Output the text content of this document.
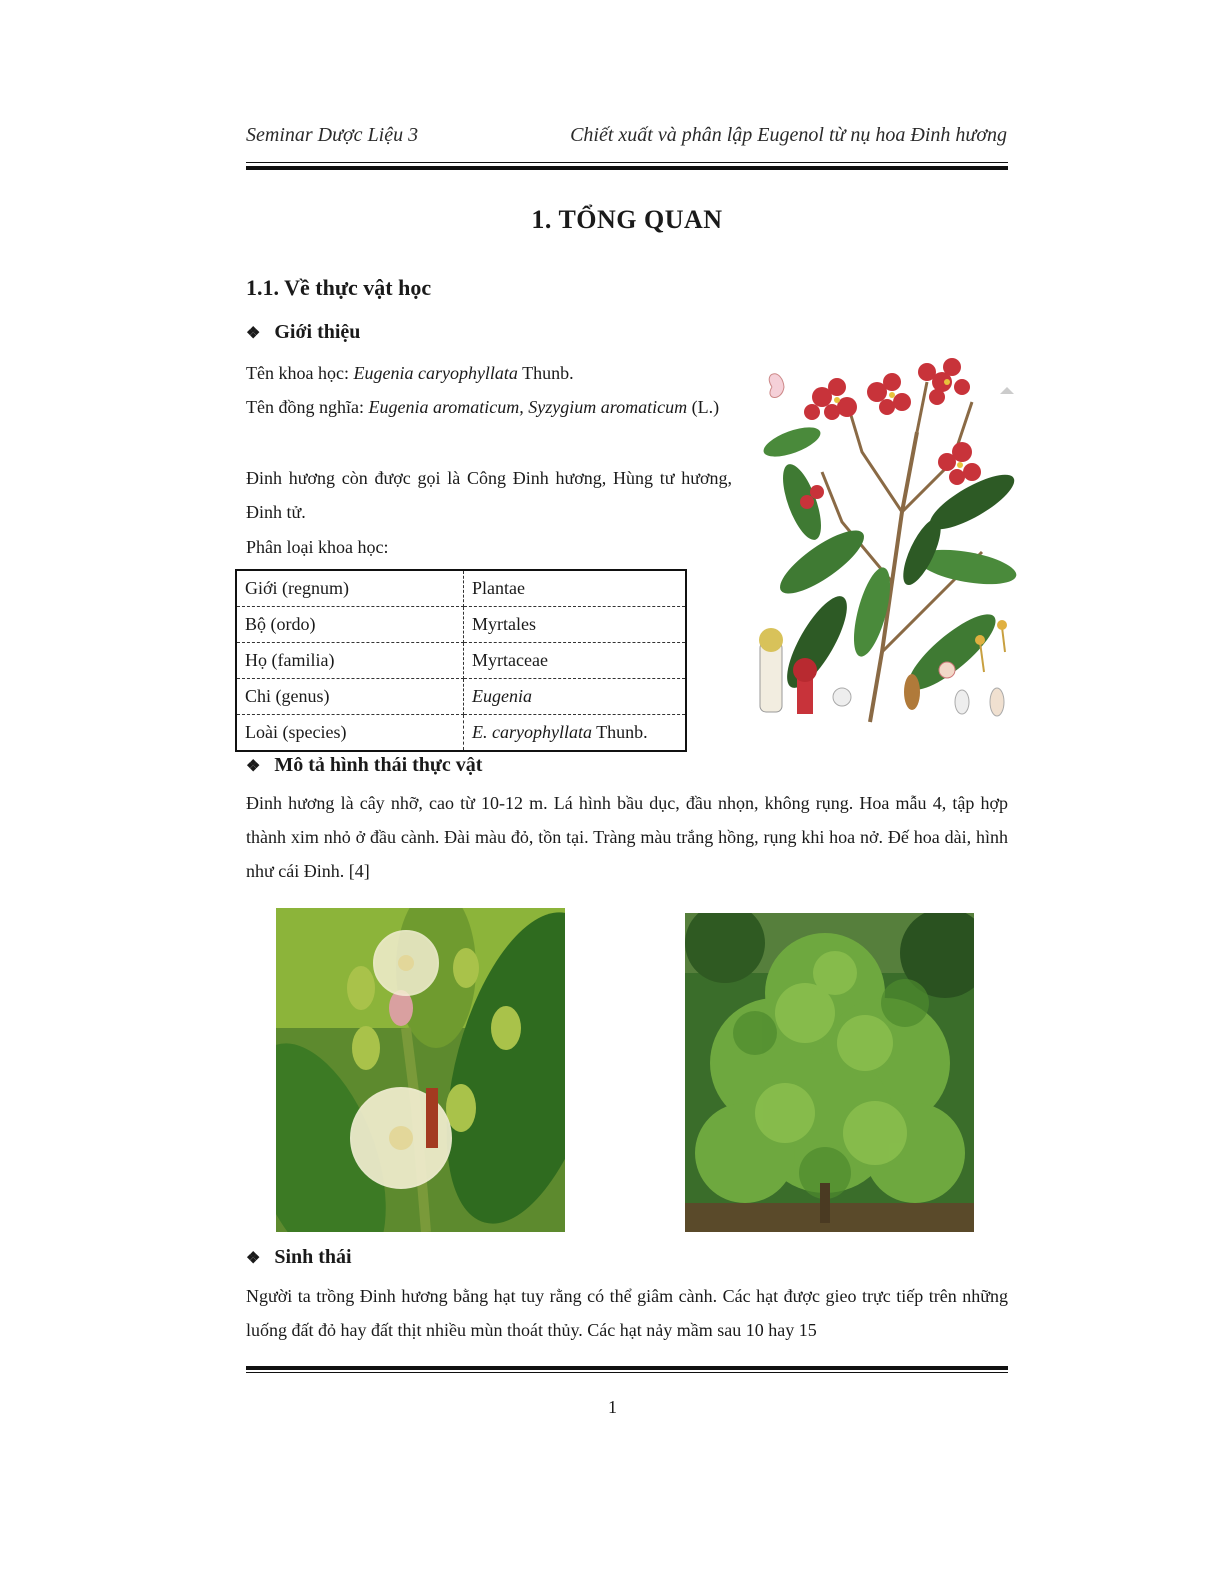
Seminar Dược Liệu 3	Chiết xuất và phân lập Eugenol từ nụ hoa Đinh hương
1. TỔNG QUAN
1.1. Về thực vật học
❖ Giới thiệu
Tên khoa học: Eugenia caryophyllata Thunb.
Tên đồng nghĩa: Eugenia aromaticum, Syzygium aromaticum (L.)
Đinh hương còn được gọi là Công Đinh hương, Hùng tư hương, Đinh tử.
Phân loại khoa học:
Giới (regnum)	Plantae
Bộ (ordo)	Myrtales
Họ (familia)	Myrtaceae
Chi (genus)	Eugenia
Loài (species)	E. caryophyllata Thunb.
❖ Mô tả hình thái thực vật
Đinh hương là cây nhỡ, cao từ 10-12 m. Lá hình bầu dục, đầu nhọn, không rụng. Hoa mẫu 4, tập hợp thành xim nhỏ ở đầu cành. Đài màu đỏ, tồn tại. Tràng màu trắng hồng, rụng khi hoa nở. Đế hoa dài, hình như cái Đinh. [4]
❖ Sinh thái
Người ta trồng Đinh hương bằng hạt tuy rằng có thể giâm cành. Các hạt được gieo trực tiếp trên những luống đất đỏ hay đất thịt nhiều mùn thoát thủy. Các hạt nảy mầm sau 10 hay 15
1
